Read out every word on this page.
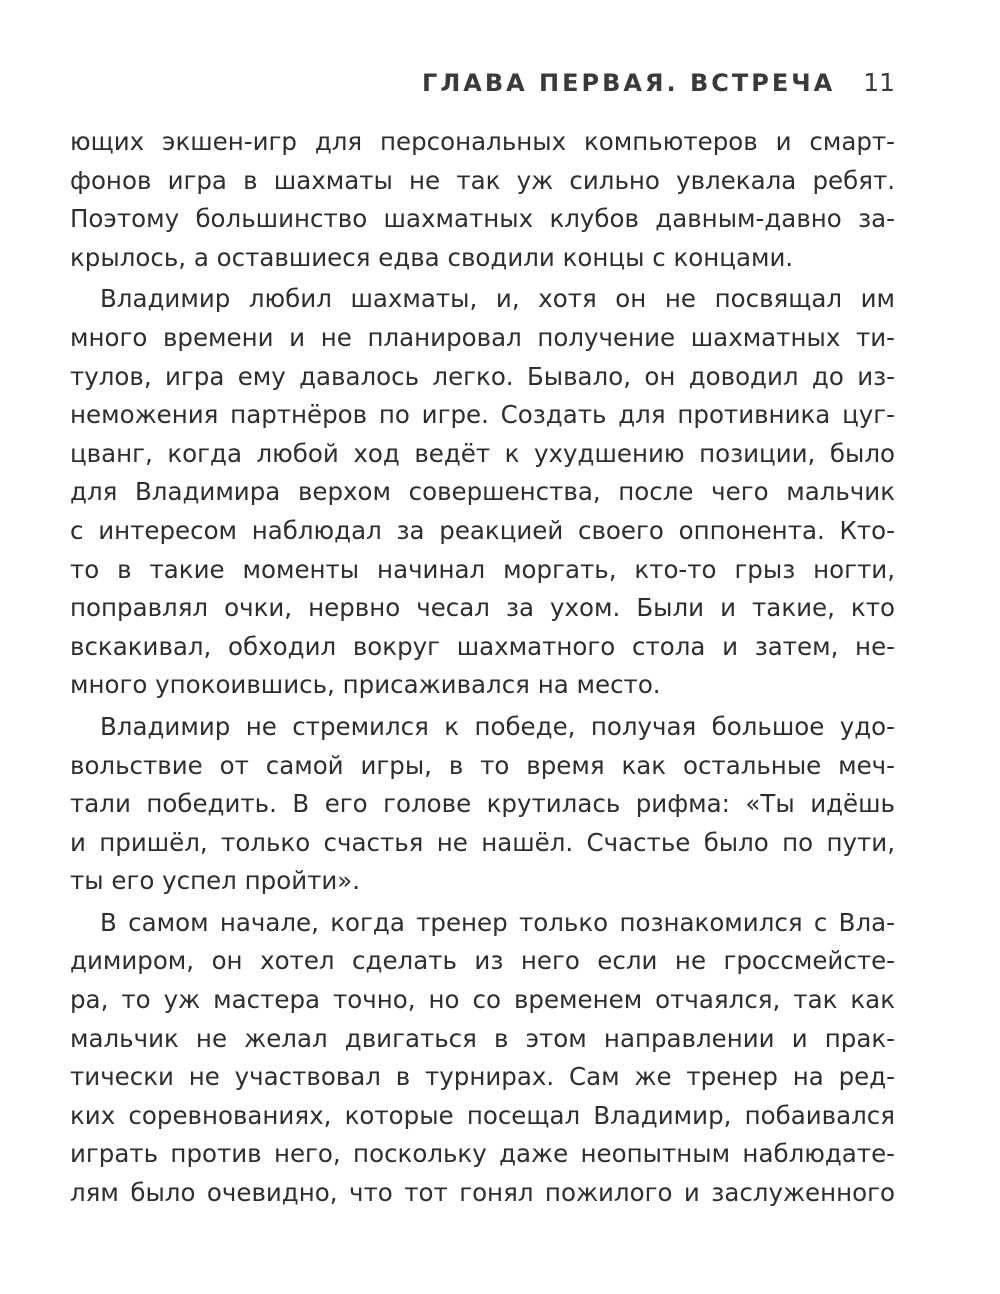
ГЛАВА ПЕРВАЯ. ВСТРЕЧА 11
ющих экшен-игр для персональных компьютеров и смарт-
фонов игра в шахматы не так уж сильно увлекала ребят.
Поэтому большинство шахматных клубов давным-давно за-
крылось, а оставшиеся едва сводили концы с концами.
Владимир любил шахматы, и, хотя он не посвящал им
много времени и не планировал получение шахматных ти-
тулов, игра ему давалось легко. Бывало, он доводил до из-
неможения партнёров по игре. Создать для противника цуг-
цванг, когда любой ход ведёт к ухудшению позиции, было
для Владимира верхом совершенства, после чего мальчик
с интересом наблюдал за реакцией своего оппонента. Кто-
то в такие моменты начинал моргать, кто-то грыз ногти,
поправлял очки, нервно чесал за ухом. Были и такие, кто
вскакивал, обходил вокруг шахматного стола и затем, не-
много упокоившись, присаживался на место.
Владимир не стремился к победе, получая большое удо-
вольствие от самой игры, в то время как остальные меч-
тали победить. В его голове крутилась рифма: «Ты идёшь
и пришёл, только счастья не нашёл. Счастье было по пути,
ты его успел пройти».
В самом начале, когда тренер только познакомился с Вла-
димиром, он хотел сделать из него если не гроссмейсте-
ра, то уж мастера точно, но со временем отчаялся, так как
мальчик не желал двигаться в этом направлении и прак-
тически не участвовал в турнирах. Сам же тренер на ред-
ких соревнованиях, которые посещал Владимир, побаивался
играть против него, поскольку даже неопытным наблюдате-
лям было очевидно, что тот гонял пожилого и заслуженного
